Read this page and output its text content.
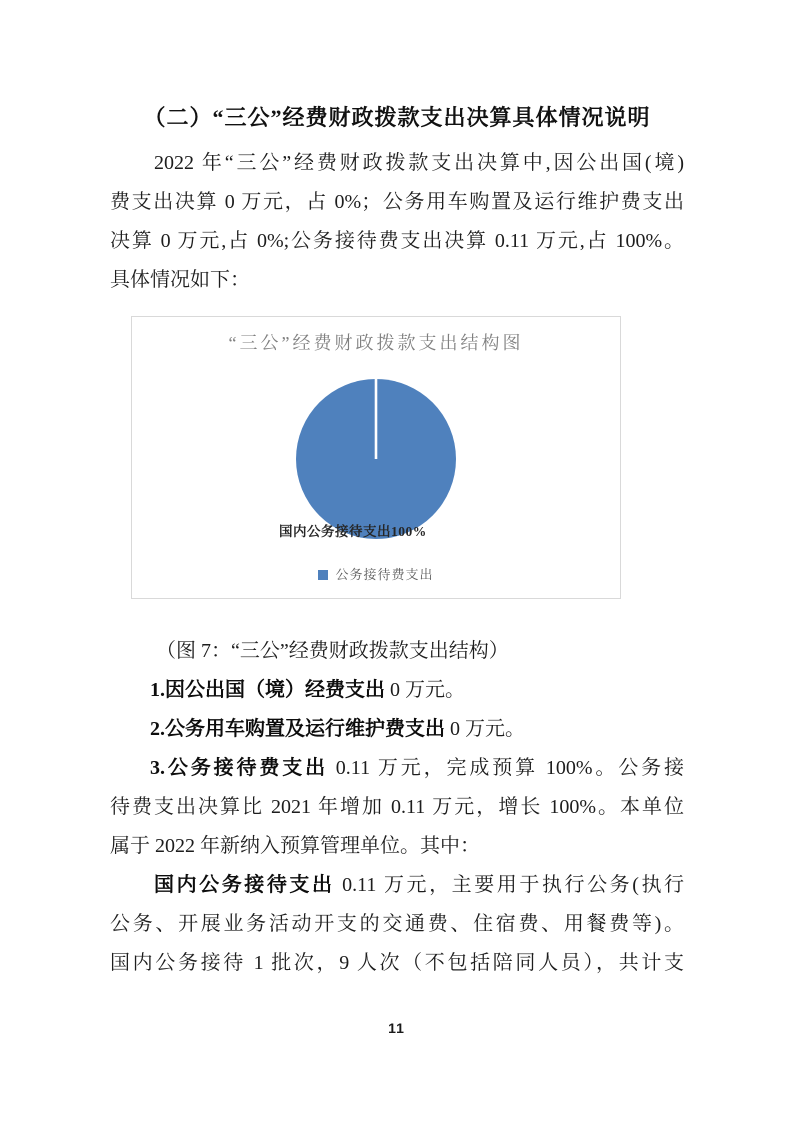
（二）“三公”经费财政拨款支出决算具体情况说明
2022 年“三公”经费财政拨款支出决算中,因公出国(境)
费支出决算 0 万元，占 0%；公务用车购置及运行维护费支出
决算 0 万元,占 0%;公务接待费支出决算 0.11 万元,占 100%。
具体情况如下：
“三公”经费财政拨款支出结构图
国内公务接待支出100%
公务接待费支出
（图 7：“三公”经费财政拨款支出结构）
1.因公出国（境）经费支出 0 万元。
2.公务用车购置及运行维护费支出 0 万元。
3.公务接待费支出 0.11 万元，完成预算 100%。公务接
待费支出决算比 2021 年增加 0.11 万元，增长 100%。本单位
属于 2022 年新纳入预算管理单位。其中：
国内公务接待支出 0.11 万元，主要用于执行公务(执行
公务、开展业务活动开支的交通费、住宿费、用餐费等)。
国内公务接待 1 批次，9 人次（不包括陪同人员），共计支
11
